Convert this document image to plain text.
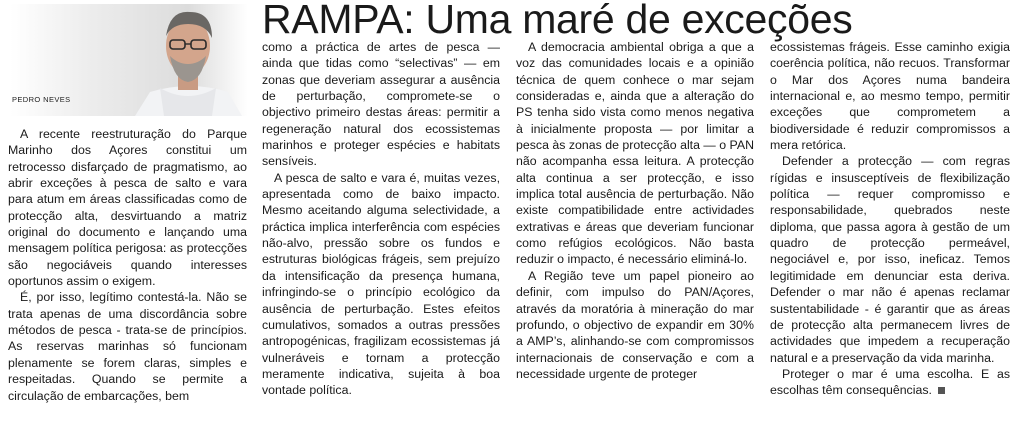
RAMPA: Uma maré de exceções
PEDRO NEVES

A recente reestruturação do Parque Marinho dos Açores constitui um retrocesso disfarçado de pragmatismo, ao abrir exceções à pesca de salto e vara para atum em áreas classificadas como de protecção alta, desvirtuando a matriz original do documento e lançando uma mensagem política perigosa: as protecções são negociáveis quando interesses oportunos assim o exigem.

É, por isso, legítimo contestá-la. Não se trata apenas de uma discordância sobre métodos de pesca - trata-se de princípios. As reservas marinhas só funcionam plenamente se forem claras, simples e respeitadas. Quando se permite a circulação de embarcações, bem

como a práctica de artes de pesca — ainda que tidas como “selectivas” — em zonas que deveriam assegurar a ausência de perturbação, compromete-se o objectivo primeiro destas áreas: permitir a regeneração natural dos ecossistemas marinhos e proteger espécies e habitats sensíveis.

A pesca de salto e vara é, muitas vezes, apresentada como de baixo impacto. Mesmo aceitando alguma selectividade, a práctica implica interferência com espécies não-alvo, pressão sobre os fundos e estruturas biológicas frágeis, sem prejuízo da intensificação da presença humana, infringindo-se o princípio ecológico da ausência de perturbação. Estes efeitos cumulativos, somados a outras pressões antropogénicas, fragilizam ecossistemas já vulneráveis e tornam a protecção meramente indicativa, sujeita à boa vontade política.

A democracia ambiental obriga a que a voz das comunidades locais e a opinião técnica de quem conhece o mar sejam consideradas e, ainda que a alteração do PS tenha sido vista como menos negativa à inicialmente proposta — por limitar a pesca às zonas de protecção alta — o PAN não acompanha essa leitura. A protecção alta continua a ser protecção, e isso implica total ausência de perturbação. Não existe compatibilidade entre actividades extrativas e áreas que deveriam funcionar como refúgios ecológicos. Não basta reduzir o impacto, é necessário eliminá-lo.

A Região teve um papel pioneiro ao definir, com impulso do PAN/Açores, através da moratória à mineração do mar profundo, o objectivo de expandir em 30% a AMP’s, alinhando-se com compromissos internacionais de conservação e com a necessidade urgente de proteger

ecossistemas frágeis. Esse caminho exigia coerência política, não recuos. Transformar o Mar dos Açores numa bandeira internacional e, ao mesmo tempo, permitir exceções que comprometem a biodiversidade é reduzir compromissos a mera retórica.

Defender a protecção — com regras rígidas e insusceptíveis de flexibilização política — requer compromisso e responsabilidade, quebrados neste diploma, que passa agora à gestão de um quadro de protecção permeável, negociável e, por isso, ineficaz. Temos legitimidade em denunciar esta deriva. Defender o mar não é apenas reclamar sustentabilidade - é garantir que as áreas de protecção alta permanecem livres de actividades que impedem a recuperação natural e a preservação da vida marinha.

Proteger o mar é uma escolha. E as escolhas têm consequências.
